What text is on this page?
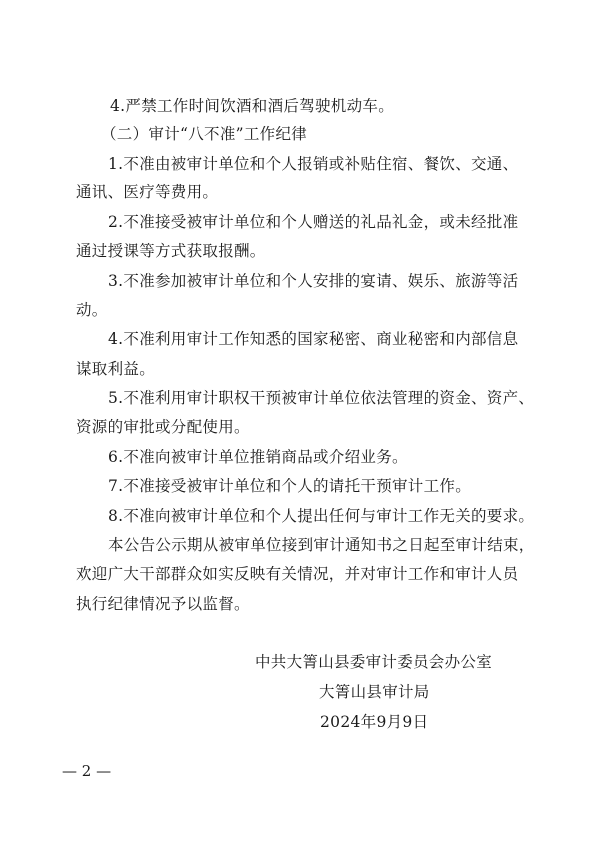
4.严禁工作时间饮酒和酒后驾驶机动车。
（二）审计“八不准”工作纪律
1.不准由被审计单位和个人报销或补贴住宿、餐饮、交通、
通讯、医疗等费用。
2.不准接受被审计单位和个人赠送的礼品礼金，或未经批准
通过授课等方式获取报酬。
3.不准参加被审计单位和个人安排的宴请、娱乐、旅游等活
动。
4.不准利用审计工作知悉的国家秘密、商业秘密和内部信息
谋取利益。
5.不准利用审计职权干预被审计单位依法管理的资金、资产、
资源的审批或分配使用。
6.不准向被审计单位推销商品或介绍业务。
7.不准接受被审计单位和个人的请托干预审计工作。
8.不准向被审计单位和个人提出任何与审计工作无关的要求。
本公告公示期从被审单位接到审计通知书之日起至审计结束，
欢迎广大干部群众如实反映有关情况，并对审计工作和审计人员
执行纪律情况予以监督。
中共大箐山县委审计委员会办公室
大箐山县审计局
2024年9月9日
— 2 —
